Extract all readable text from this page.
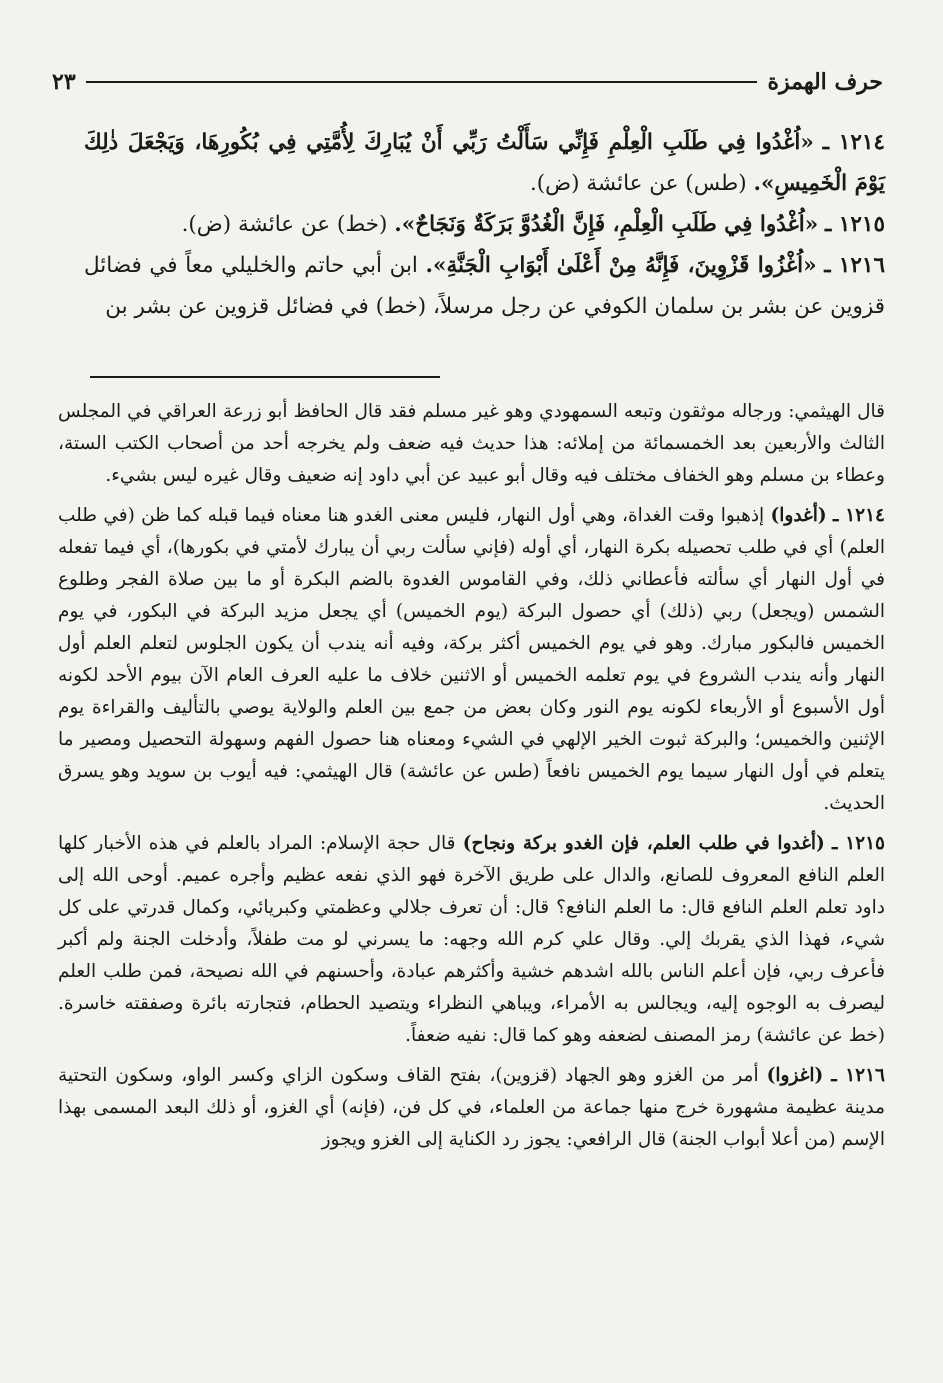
حرف الهمزة
٢٣

١٢١٤ ـ «اُغْدُوا فِي طَلَبِ الْعِلْمِ فَإِنِّي سَأَلْتُ رَبِّي أَنْ يُبَارِكَ لِأُمَّتِي فِي بُكُورِهَا، وَيَجْعَلَ ذٰلِكَ يَوْمَ الْخَمِيسِ». (طس) عن عائشة (ض).

١٢١٥ ـ «اُغْدُوا فِي طَلَبِ الْعِلْمِ، فَإِنَّ الْغُدُوَّ بَرَكَةٌ وَنَجَاحٌ». (خط) عن عائشة (ض).

١٢١٦ ـ «اُغْزُوا قَزْوِينَ، فَإِنَّهُ مِنْ أَعْلَىٰ أَبْوَابِ الْجَنَّةِ». ابن أبي حاتم والخليلي معاً في فضائل قزوين عن بشر بن سلمان الكوفي عن رجل مرسلاً، (خط) في فضائل قزوين عن بشر بن

قال الهيثمي: ورجاله موثقون وتبعه السمهودي وهو غير مسلم فقد قال الحافظ أبو زرعة العراقي في المجلس الثالث والأربعين بعد الخمسمائة من إملائه: هذا حديث فيه ضعف ولم يخرجه أحد من أصحاب الكتب الستة، وعطاء بن مسلم وهو الخفاف مختلف فيه وقال أبو عبيد عن أبي داود إنه ضعيف وقال غيره ليس بشيء.

١٢١٤ ـ (أغدوا) إذهبوا وقت الغداة، وهي أول النهار، فليس معنى الغدو هنا معناه فيما قبله كما ظن (في طلب العلم) أي في طلب تحصيله بكرة النهار، أي أوله (فإني سألت ربي أن يبارك لأمتي في بكورها)، أي فيما تفعله في أول النهار أي سألته فأعطاني ذلك، وفي القاموس الغدوة بالضم البكرة أو ما بين صلاة الفجر وطلوع الشمس (ويجعل) ربي (ذلك) أي حصول البركة (يوم الخميس) أي يجعل مزيد البركة في البكور، في يوم الخميس فالبكور مبارك. وهو في يوم الخميس أكثر بركة، وفيه أنه يندب أن يكون الجلوس لتعلم العلم أول النهار وأنه يندب الشروع في يوم تعلمه الخميس أو الاثنين خلاف ما عليه العرف العام الآن بيوم الأحد لكونه أول الأسبوع أو الأربعاء لكونه يوم النور وكان بعض من جمع بين العلم والولاية يوصي بالتأليف والقراءة يوم الإثنين والخميس؛ والبركة ثبوت الخير الإلهي في الشيء ومعناه هنا حصول الفهم وسهولة التحصيل ومصير ما يتعلم في أول النهار سيما يوم الخميس نافعاً (طس عن عائشة) قال الهيثمي: فيه أيوب بن سويد وهو يسرق الحديث.

١٢١٥ ـ (أغدوا في طلب العلم، فإن الغدو بركة ونجاح) قال حجة الإسلام: المراد بالعلم في هذه الأخبار كلها العلم النافع المعروف للصانع، والدال على طريق الآخرة فهو الذي نفعه عظيم وأجره عميم. أوحى الله إلى داود تعلم العلم النافع قال: ما العلم النافع؟ قال: أن تعرف جلالي وعظمتي وكبريائي، وكمال قدرتي على كل شيء، فهذا الذي يقربك إلي. وقال علي كرم الله وجهه: ما يسرني لو مت طفلاً، وأدخلت الجنة ولم أكبر فأعرف ربي، فإن أعلم الناس بالله اشدهم خشية وأكثرهم عبادة، وأحسنهم في الله نصيحة، فمن طلب العلم ليصرف به الوجوه إليه، ويجالس به الأمراء، ويباهي النظراء ويتصيد الحطام، فتجارته بائرة وصفقته خاسرة. (خط عن عائشة) رمز المصنف لضعفه وهو كما قال: نفيه ضعفاً.

١٢١٦ ـ (اغزوا) أمر من الغزو وهو الجهاد (قزوين)، بفتح القاف وسكون الزاي وكسر الواو، وسكون التحتية مدينة عظيمة مشهورة خرج منها جماعة من العلماء، في كل فن، (فإنه) أي الغزو، أو ذلك البعد المسمى بهذا الإسم (من أعلا أبواب الجنة) قال الرافعي: يجوز رد الكناية إلى الغزو ويجوز
